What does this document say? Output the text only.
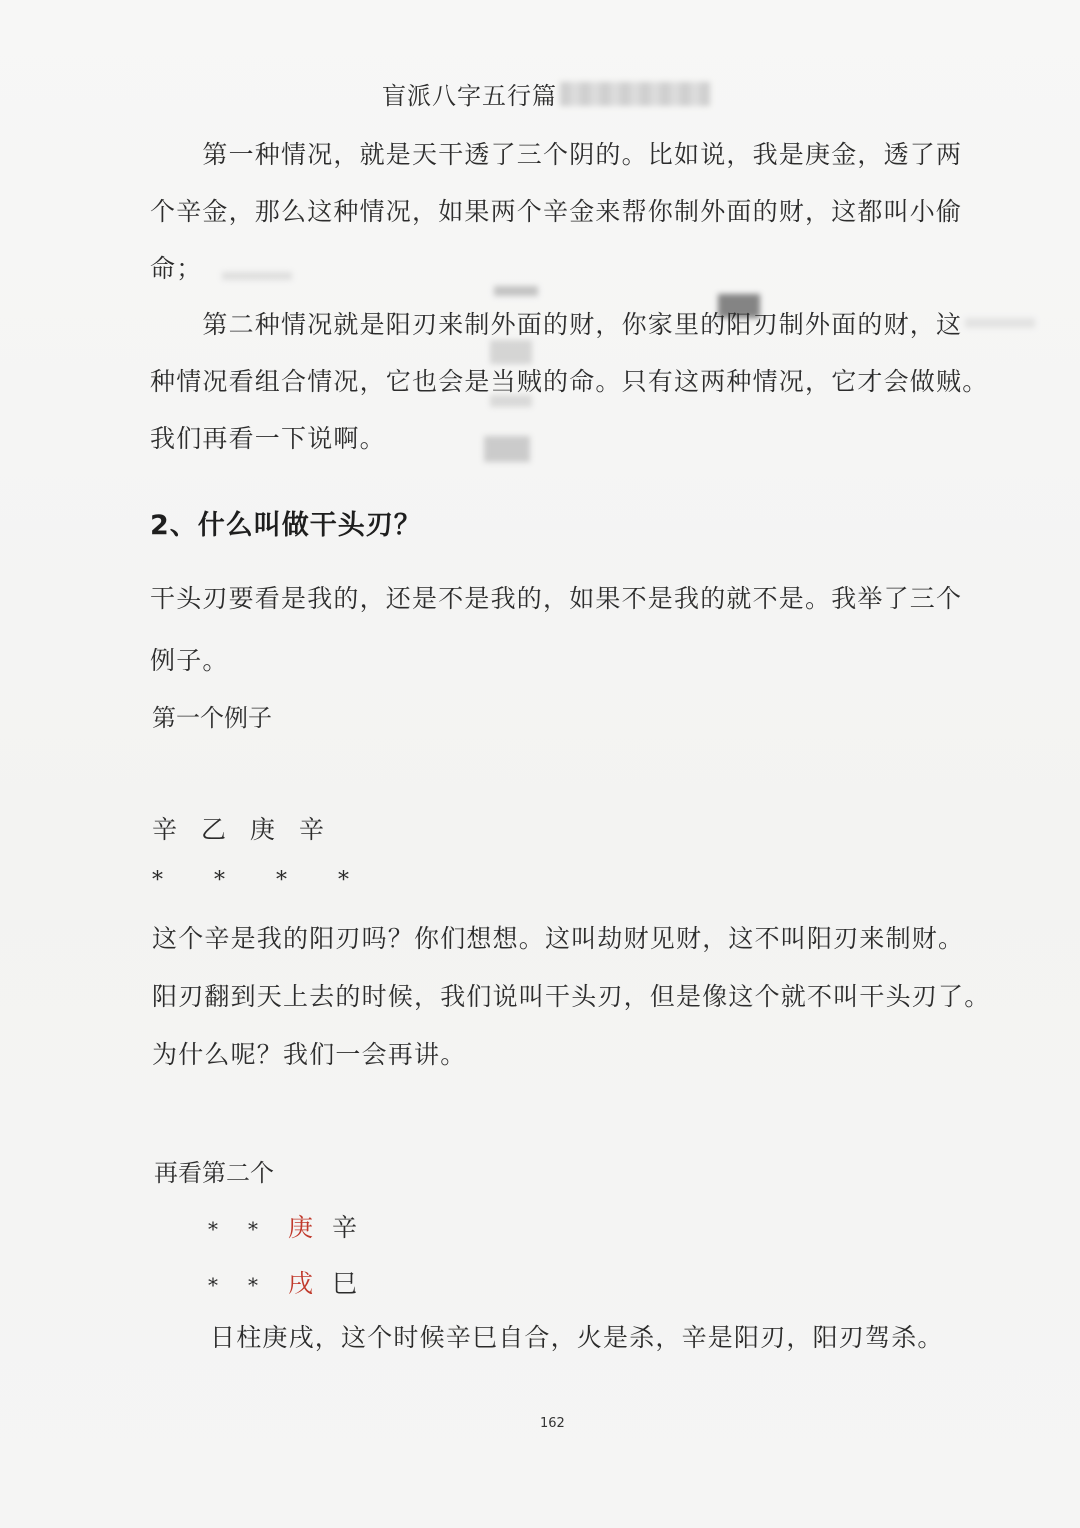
盲派八字五行篇
　　第一种情况，就是天干透了三个阴的。比如说，我是庚金，透了两
个辛金，那么这种情况，如果两个辛金来帮你制外面的财，这都叫小偷
命；
　　第二种情况就是阳刃来制外面的财，你家里的阳刃制外面的财，这
种情况看组合情况，它也会是当贼的命。只有这两种情况，它才会做贼。
我们再看一下说啊。
2、什么叫做干头刃？
干头刃要看是我的，还是不是我的，如果不是我的就不是。我举了三个
例子。
第一个例子
辛 乙 庚 辛
* * * *
这个辛是我的阳刃吗？你们想想。这叫劫财见财，这不叫阳刃来制财。
阳刃翻到天上去的时候，我们说叫干头刃，但是像这个就不叫干头刃了。
为什么呢？我们一会再讲。
再看第二个
* * 庚 辛
* * 戌 巳
日柱庚戌，这个时候辛巳自合，火是杀，辛是阳刃，阳刃驾杀。
162
